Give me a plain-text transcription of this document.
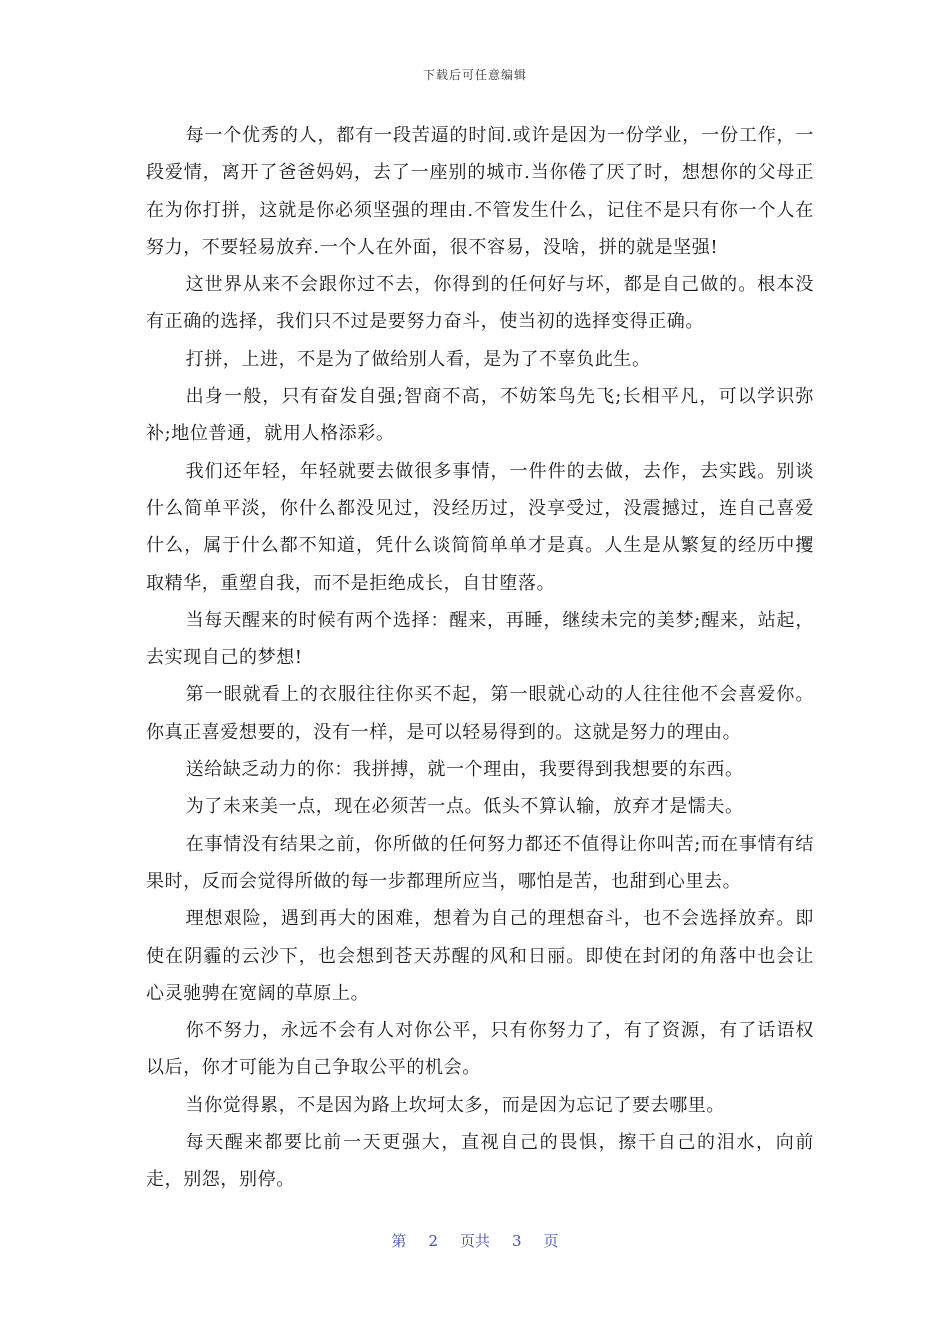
下载后可任意编辑

每一个优秀的人，都有一段苦逼的时间.或许是因为一份学业，一份工作，一段爱情，离开了爸爸妈妈，去了一座别的城市.当你倦了厌了时，想想你的父母正在为你打拼，这就是你必须坚强的理由.不管发生什么，记住不是只有你一个人在努力，不要轻易放弃.一个人在外面，很不容易，没啥，拼的就是坚强!

这世界从来不会跟你过不去，你得到的任何好与坏，都是自己做的。根本没有正确的选择，我们只不过是要努力奋斗，使当初的选择变得正确。

打拼，上进，不是为了做给别人看，是为了不辜负此生。

出身一般，只有奋发自强;智商不高，不妨笨鸟先飞;长相平凡，可以学识弥补;地位普通，就用人格添彩。

我们还年轻，年轻就要去做很多事情，一件件的去做，去作，去实践。别谈什么简单平淡，你什么都没见过，没经历过，没享受过，没震撼过，连自己喜爱什么，属于什么都不知道，凭什么谈简简单单才是真。人生是从繁复的经历中攫取精华，重塑自我，而不是拒绝成长，自甘堕落。

当每天醒来的时候有两个选择：醒来，再睡，继续未完的美梦;醒来，站起，去实现自己的梦想!

第一眼就看上的衣服往往你买不起，第一眼就心动的人往往他不会喜爱你。你真正喜爱想要的，没有一样，是可以轻易得到的。这就是努力的理由。

送给缺乏动力的你：我拼搏，就一个理由，我要得到我想要的东西。

为了未来美一点，现在必须苦一点。低头不算认输，放弃才是懦夫。

在事情没有结果之前，你所做的任何努力都还不值得让你叫苦;而在事情有结果时，反而会觉得所做的每一步都理所应当，哪怕是苦，也甜到心里去。

理想艰险，遇到再大的困难，想着为自己的理想奋斗，也不会选择放弃。即使在阴霾的云沙下，也会想到苍天苏醒的风和日丽。即使在封闭的角落中也会让心灵驰骋在宽阔的草原上。

你不努力，永远不会有人对你公平，只有你努力了，有了资源，有了话语权以后，你才可能为自己争取公平的机会。

当你觉得累，不是因为路上坎坷太多，而是因为忘记了要去哪里。

每天醒来都要比前一天更强大，直视自己的畏惧，擦干自己的泪水，向前走，别怨，别停。

第 2 页共 3 页
